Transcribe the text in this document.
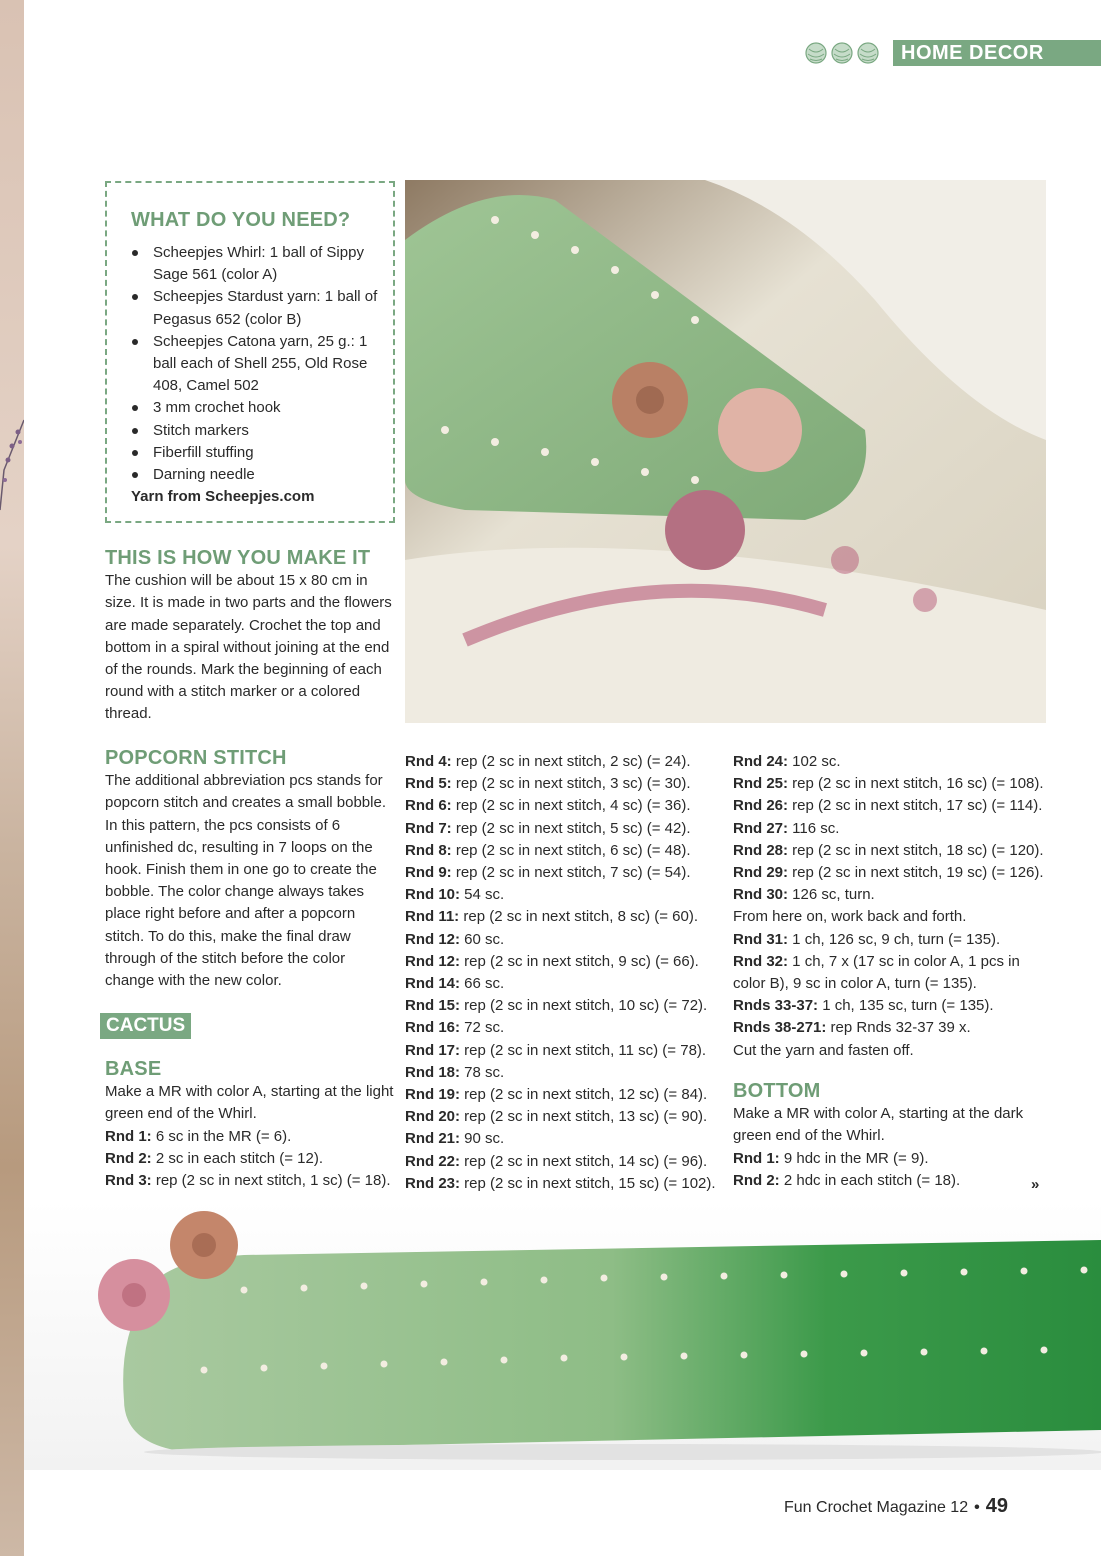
HOME DECOR
WHAT DO YOU NEED?
Scheepjes Whirl: 1 ball of Sippy Sage 561 (color A)
Scheepjes Stardust yarn: 1 ball of Pegasus 652 (color B)
Scheepjes Catona yarn, 25 g.: 1 ball each of Shell 255, Old Rose 408, Camel 502
3 mm crochet hook
Stitch markers
Fiberfill stuffing
Darning needle
Yarn from Scheepjes.com
THIS IS HOW YOU MAKE IT

The cushion will be about 15 x 80 cm in size. It is made in two parts and the flowers are made separately. Crochet the top and bottom in a spiral without joining at the end of the rounds. Mark the beginning of each round with a stitch marker or a colored thread.

POPCORN STITCH

The additional abbreviation pcs stands for popcorn stitch and creates a small bobble. In this pattern, the pcs consists of 6 unfinished dc, resulting in 7 loops on the hook. Finish them in one go to create the bobble. The color change always takes place right before and after a popcorn stitch. To do this, make the final draw through of the stitch before the color change with the new color.

CACTUS
BASE

Make a MR with color A, starting at the light green end of the Whirl.

Rnd 1: 6 sc in the MR (= 6).
Rnd 2: 2 sc in each stitch (= 12).
Rnd 3: rep (2 sc in next stitch, 1 sc) (= 18).
Rnd 4: rep (2 sc in next stitch, 2 sc) (= 24).
Rnd 5: rep (2 sc in next stitch, 3 sc) (= 30).
Rnd 6: rep (2 sc in next stitch, 4 sc) (= 36).
Rnd 7: rep (2 sc in next stitch, 5 sc) (= 42).
Rnd 8: rep (2 sc in next stitch, 6 sc) (= 48).
Rnd 9: rep (2 sc in next stitch, 7 sc) (= 54).
Rnd 10: 54 sc.
Rnd 11: rep (2 sc in next stitch, 8 sc) (= 60).
Rnd 12: 60 sc.
Rnd 12: rep (2 sc in next stitch, 9 sc) (= 66).
Rnd 14: 66 sc.
Rnd 15: rep (2 sc in next stitch, 10 sc) (= 72).
Rnd 16: 72 sc.
Rnd 17: rep (2 sc in next stitch, 11 sc) (= 78).
Rnd 18: 78 sc.
Rnd 19: rep (2 sc in next stitch, 12 sc) (= 84).
Rnd 20: rep (2 sc in next stitch, 13 sc) (= 90).
Rnd 21: 90 sc.
Rnd 22: rep (2 sc in next stitch, 14 sc) (= 96).
Rnd 23: rep (2 sc in next stitch, 15 sc) (= 102).
Rnd 24: 102 sc.
Rnd 25: rep (2 sc in next stitch, 16 sc) (= 108).
Rnd 26: rep (2 sc in next stitch, 17 sc) (= 114).
Rnd 27: 116 sc.
Rnd 28: rep (2 sc in next stitch, 18 sc) (= 120).
Rnd 29: rep (2 sc in next stitch, 19 sc) (= 126).
Rnd 30: 126 sc, turn.

From here on, work back and forth.

Rnd 31: 1 ch, 126 sc, 9 ch, turn (= 135).
Rnd 32: 1 ch, 7 x (17 sc in color A, 1 pcs in color B), 9 sc in color A, turn (= 135).
Rnds 33-37: 1 ch, 135 sc, turn (= 135).
Rnds 38-271: rep Rnds 32-37 39 x.

Cut the yarn and fasten off.

BOTTOM

Make a MR with color A, starting at the dark green end of the Whirl.

Rnd 1: 9 hdc in the MR (= 9).
Rnd 2: 2 hdc in each stitch (= 18).	»
Fun Crochet Magazine 12 • 49
